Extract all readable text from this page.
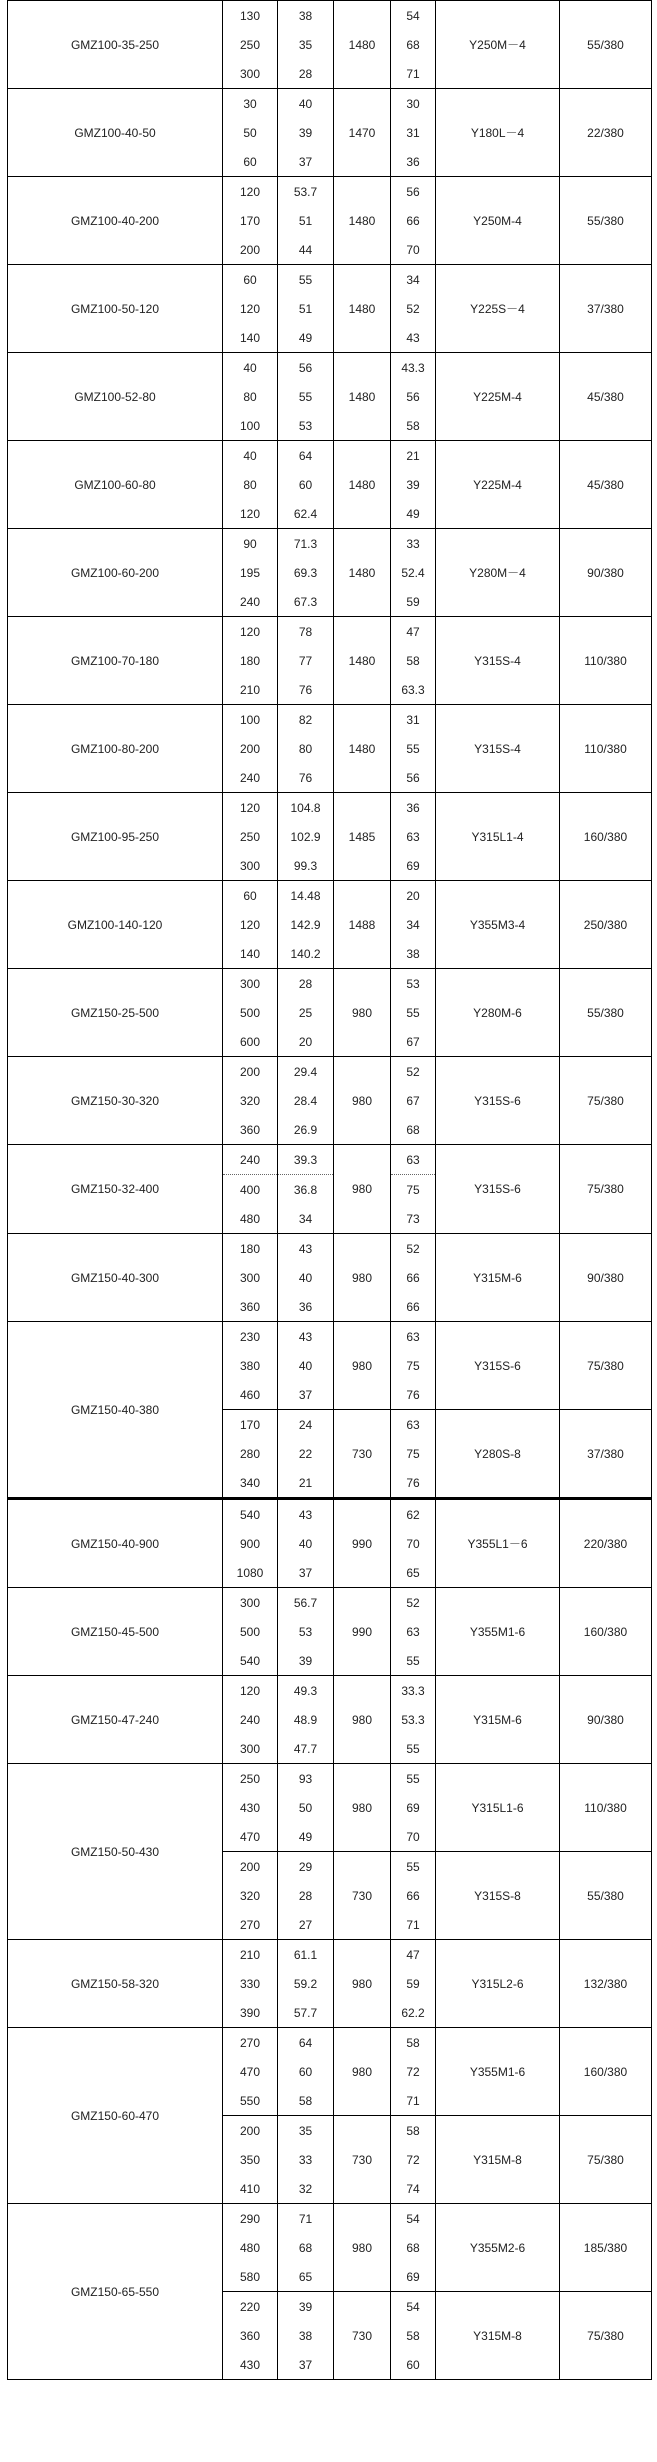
GMZ100-35-250	130	38	1480	54	Y250M－4	55/380
	250	35		68		
	300	28		71		
GMZ100-40-50	30	40	1470	30	Y180L－4	22/380
	50	39		31		
	60	37		36		
GMZ100-40-200	120	53.7	1480	56	Y250M-4	55/380
	170	51		66		
	200	44		70		
GMZ100-50-120	60	55	1480	34	Y225S－4	37/380
	120	51		52		
	140	49		43		
GMZ100-52-80	40	56	1480	43.3	Y225M-4	45/380
	80	55		56		
	100	53		58		
GMZ100-60-80	40	64	1480	21	Y225M-4	45/380
	80	60		39		
	120	62.4		49		
GMZ100-60-200	90	71.3	1480	33	Y280M－4	90/380
	195	69.3		52.4		
	240	67.3		59		
GMZ100-70-180	120	78	1480	47	Y315S-4	110/380
	180	77		58		
	210	76		63.3		
GMZ100-80-200	100	82	1480	31	Y315S-4	110/380
	200	80		55		
	240	76		56		
GMZ100-95-250	120	104.8	1485	36	Y315L1-4	160/380
	250	102.9		63		
	300	99.3		69		
GMZ100-140-120	60	14.48	1488	20	Y355M3-4	250/380
	120	142.9		34		
	140	140.2		38		
GMZ150-25-500	300	28	980	53	Y280M-6	55/380
	500	25		55		
	600	20		67		
GMZ150-30-320	200	29.4	980	52	Y315S-6	75/380
	320	28.4		67		
	360	26.9		68		
GMZ150-32-400	240	39.3	980	63	Y315S-6	75/380
	400	36.8		75		
	480	34		73		
GMZ150-40-300	180	43	980	52	Y315M-6	90/380
	300	40		66		
	360	36		66		
GMZ150-40-380	230	43	980	63	Y315S-6	75/380
	380	40		75		
	460	37		76		
	170	24	730	63	Y280S-8	37/380
	280	22		75		
	340	21		76		
GMZ150-40-900	540	43	990	62	Y355L1－6	220/380
	900	40		70		
	1080	37		65		
GMZ150-45-500	300	56.7	990	52	Y355M1-6	160/380
	500	53		63		
	540	39		55		
GMZ150-47-240	120	49.3	980	33.3	Y315M-6	90/380
	240	48.9		53.3		
	300	47.7		55		
GMZ150-50-430	250	93	980	55	Y315L1-6	110/380
	430	50		69		
	470	49		70		
	200	29	730	55	Y315S-8	55/380
	320	28		66		
	270	27		71		
GMZ150-58-320	210	61.1	980	47	Y315L2-6	132/380
	330	59.2		59		
	390	57.7		62.2		
GMZ150-60-470	270	64	980	58	Y355M1-6	160/380
	470	60		72		
	550	58		71		
	200	35	730	58	Y315M-8	75/380
	350	33		72		
	410	32		74		
GMZ150-65-550	290	71	980	54	Y355M2-6	185/380
	480	68		68		
	580	65		69		
	220	39	730	54	Y315M-8	75/380
	360	38		58		
	430	37		60		
